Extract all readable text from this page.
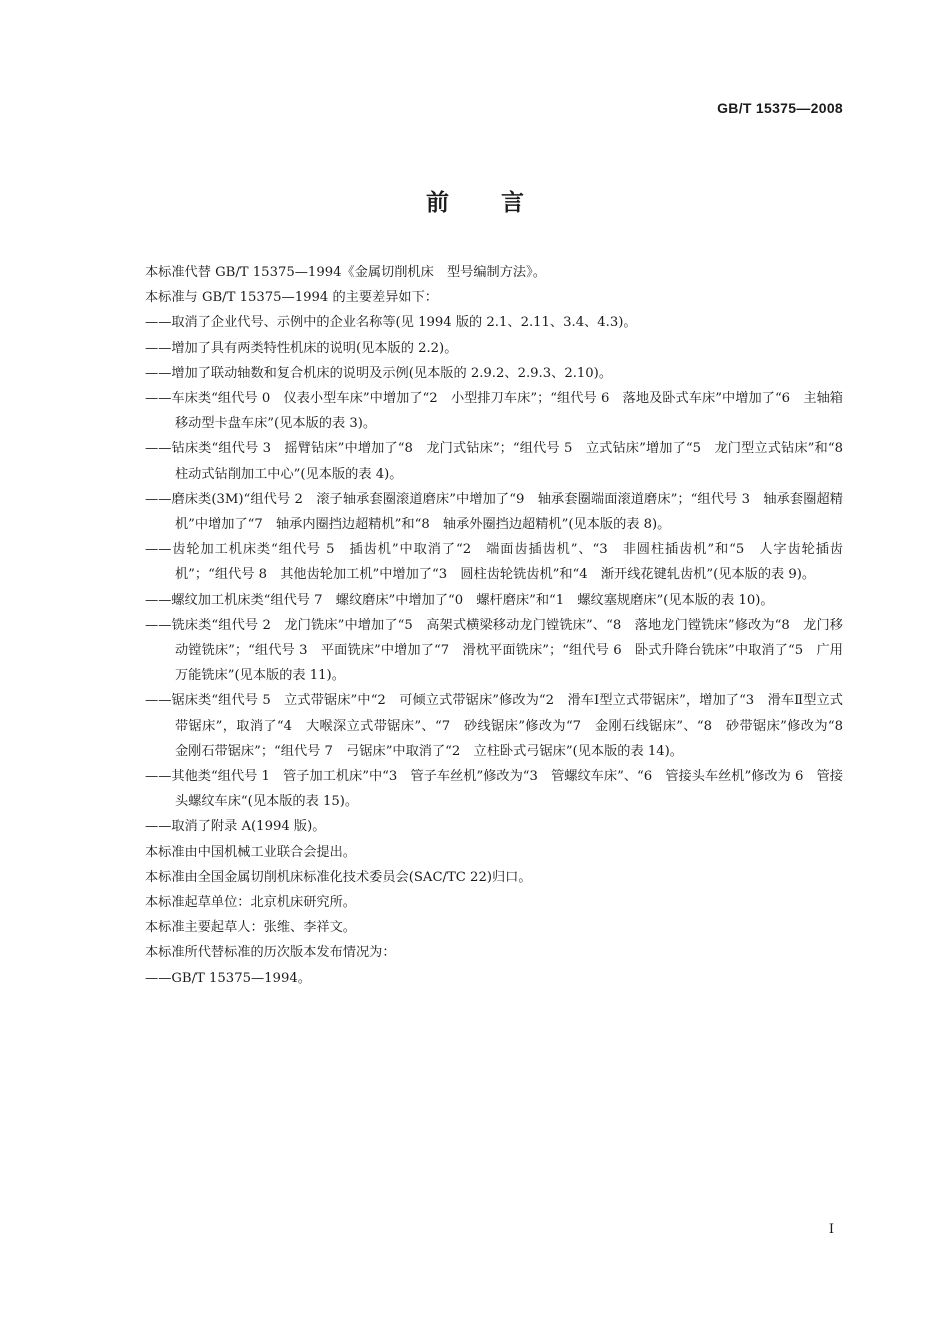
GB/T 15375—2008
前言

本标准代替 GB/T 15375—1994《金属切削机床　型号编制方法》。

本标准与 GB/T 15375—1994 的主要差异如下：

——取消了企业代号、示例中的企业名称等(见 1994 版的 2.1、2.11、3.4、4.3)。

——增加了具有两类特性机床的说明(见本版的 2.2)。

——增加了联动轴数和复合机床的说明及示例(见本版的 2.9.2、2.9.3、2.10)。

——车床类“组代号 0　仪表小型车床”中增加了“2　小型排刀车床”；“组代号 6　落地及卧式车床”中增加了“6　主轴箱移动型卡盘车床”(见本版的表 3)。

——钻床类“组代号 3　摇臂钻床”中增加了“8　龙门式钻床”；“组代号 5　立式钻床”增加了“5　龙门型立式钻床”和“8　柱动式钻削加工中心”(见本版的表 4)。

——磨床类(3M)“组代号 2　滚子轴承套圈滚道磨床”中增加了“9　轴承套圈端面滚道磨床”；“组代号 3　轴承套圈超精机”中增加了“7　轴承内圈挡边超精机”和“8　轴承外圈挡边超精机”(见本版的表 8)。

——齿轮加工机床类“组代号 5　插齿机”中取消了“2　端面齿插齿机”、“3　非圆柱插齿机”和“5　人字齿轮插齿机”；“组代号 8　其他齿轮加工机”中增加了“3　圆柱齿轮铣齿机”和“4　渐开线花键轧齿机”(见本版的表 9)。

——螺纹加工机床类“组代号 7　螺纹磨床”中增加了“0　螺杆磨床”和“1　螺纹塞规磨床”(见本版的表 10)。

——铣床类“组代号 2　龙门铣床”中增加了“5　高架式横梁移动龙门镗铣床”、“8　落地龙门镗铣床”修改为“8　龙门移动镗铣床”；“组代号 3　平面铣床”中增加了“7　滑枕平面铣床”；“组代号 6　卧式升降台铣床”中取消了“5　广用万能铣床”(见本版的表 11)。

——锯床类“组代号 5　立式带锯床”中“2　可倾立式带锯床”修改为“2　滑车Ⅰ型立式带锯床”，增加了“3　滑车Ⅱ型立式带锯床”，取消了“4　大喉深立式带锯床”、“7　砂线锯床”修改为“7　金刚石线锯床”、“8　砂带锯床”修改为“8　金刚石带锯床”；“组代号 7　弓锯床”中取消了“2　立柱卧式弓锯床”(见本版的表 14)。

——其他类“组代号 1　管子加工机床”中“3　管子车丝机”修改为“3　管螺纹车床”、“6　管接头车丝机”修改为 6　管接头螺纹车床“(见本版的表 15)。

——取消了附录 A(1994 版)。

本标准由中国机械工业联合会提出。

本标准由全国金属切削机床标准化技术委员会(SAC/TC 22)归口。

本标准起草单位：北京机床研究所。

本标准主要起草人：张维、李祥文。

本标准所代替标准的历次版本发布情况为：

——GB/T 15375—1994。

I
